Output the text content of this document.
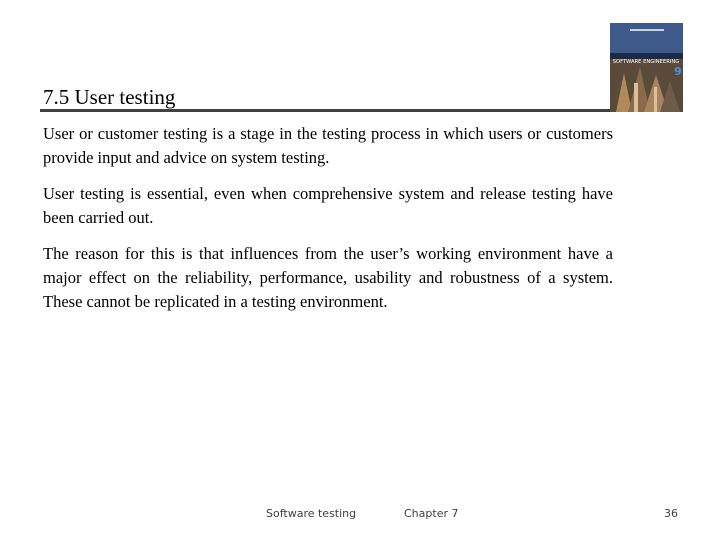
7.5 User testing
SOFTWARE ENGINEERING
9

User or customer testing is a stage in the testing process in which users or customers provide input and advice on system testing.

User testing is essential, even when comprehensive system and release testing have been carried out.

The reason for this is that influences from the user’s working environment have a major effect on the reliability, performance, usability and robustness of a system. These cannot be replicated in a testing environment.

Software testing	Chapter 7	36
